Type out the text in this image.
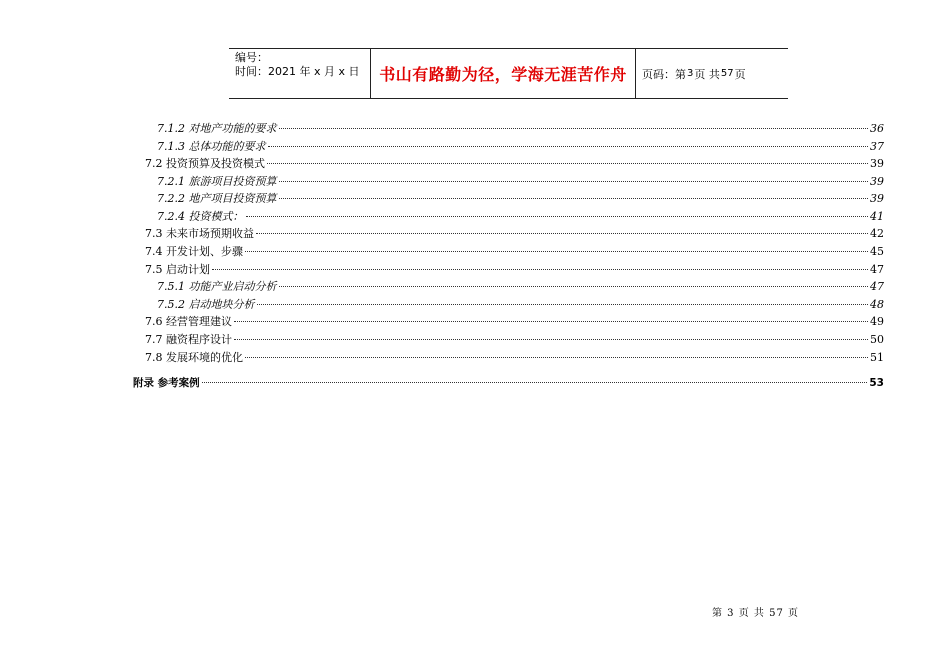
编号：
时间：2021 年 x 月 x 日	书山有路勤为径，学海无涯苦作舟	页码：第 3 页 共 57 页
7.1.2 对地产功能的要求	36
7.1.3 总体功能的要求	37
7.2 投资预算及投资模式	39
7.2.1 旅游项目投资预算	39
7.2.2 地产项目投资预算	39
7.2.4 投资模式：	41
7.3 未来市场预期收益	42
7.4 开发计划、步骤	45
7.5 启动计划	47
7.5.1 功能产业启动分析	47
7.5.2 启动地块分析	48
7.6 经营管理建议	49
7.7 融资程序设计	50
7.8 发展环境的优化	51
附录 参考案例	53
第 3 页 共 57 页
